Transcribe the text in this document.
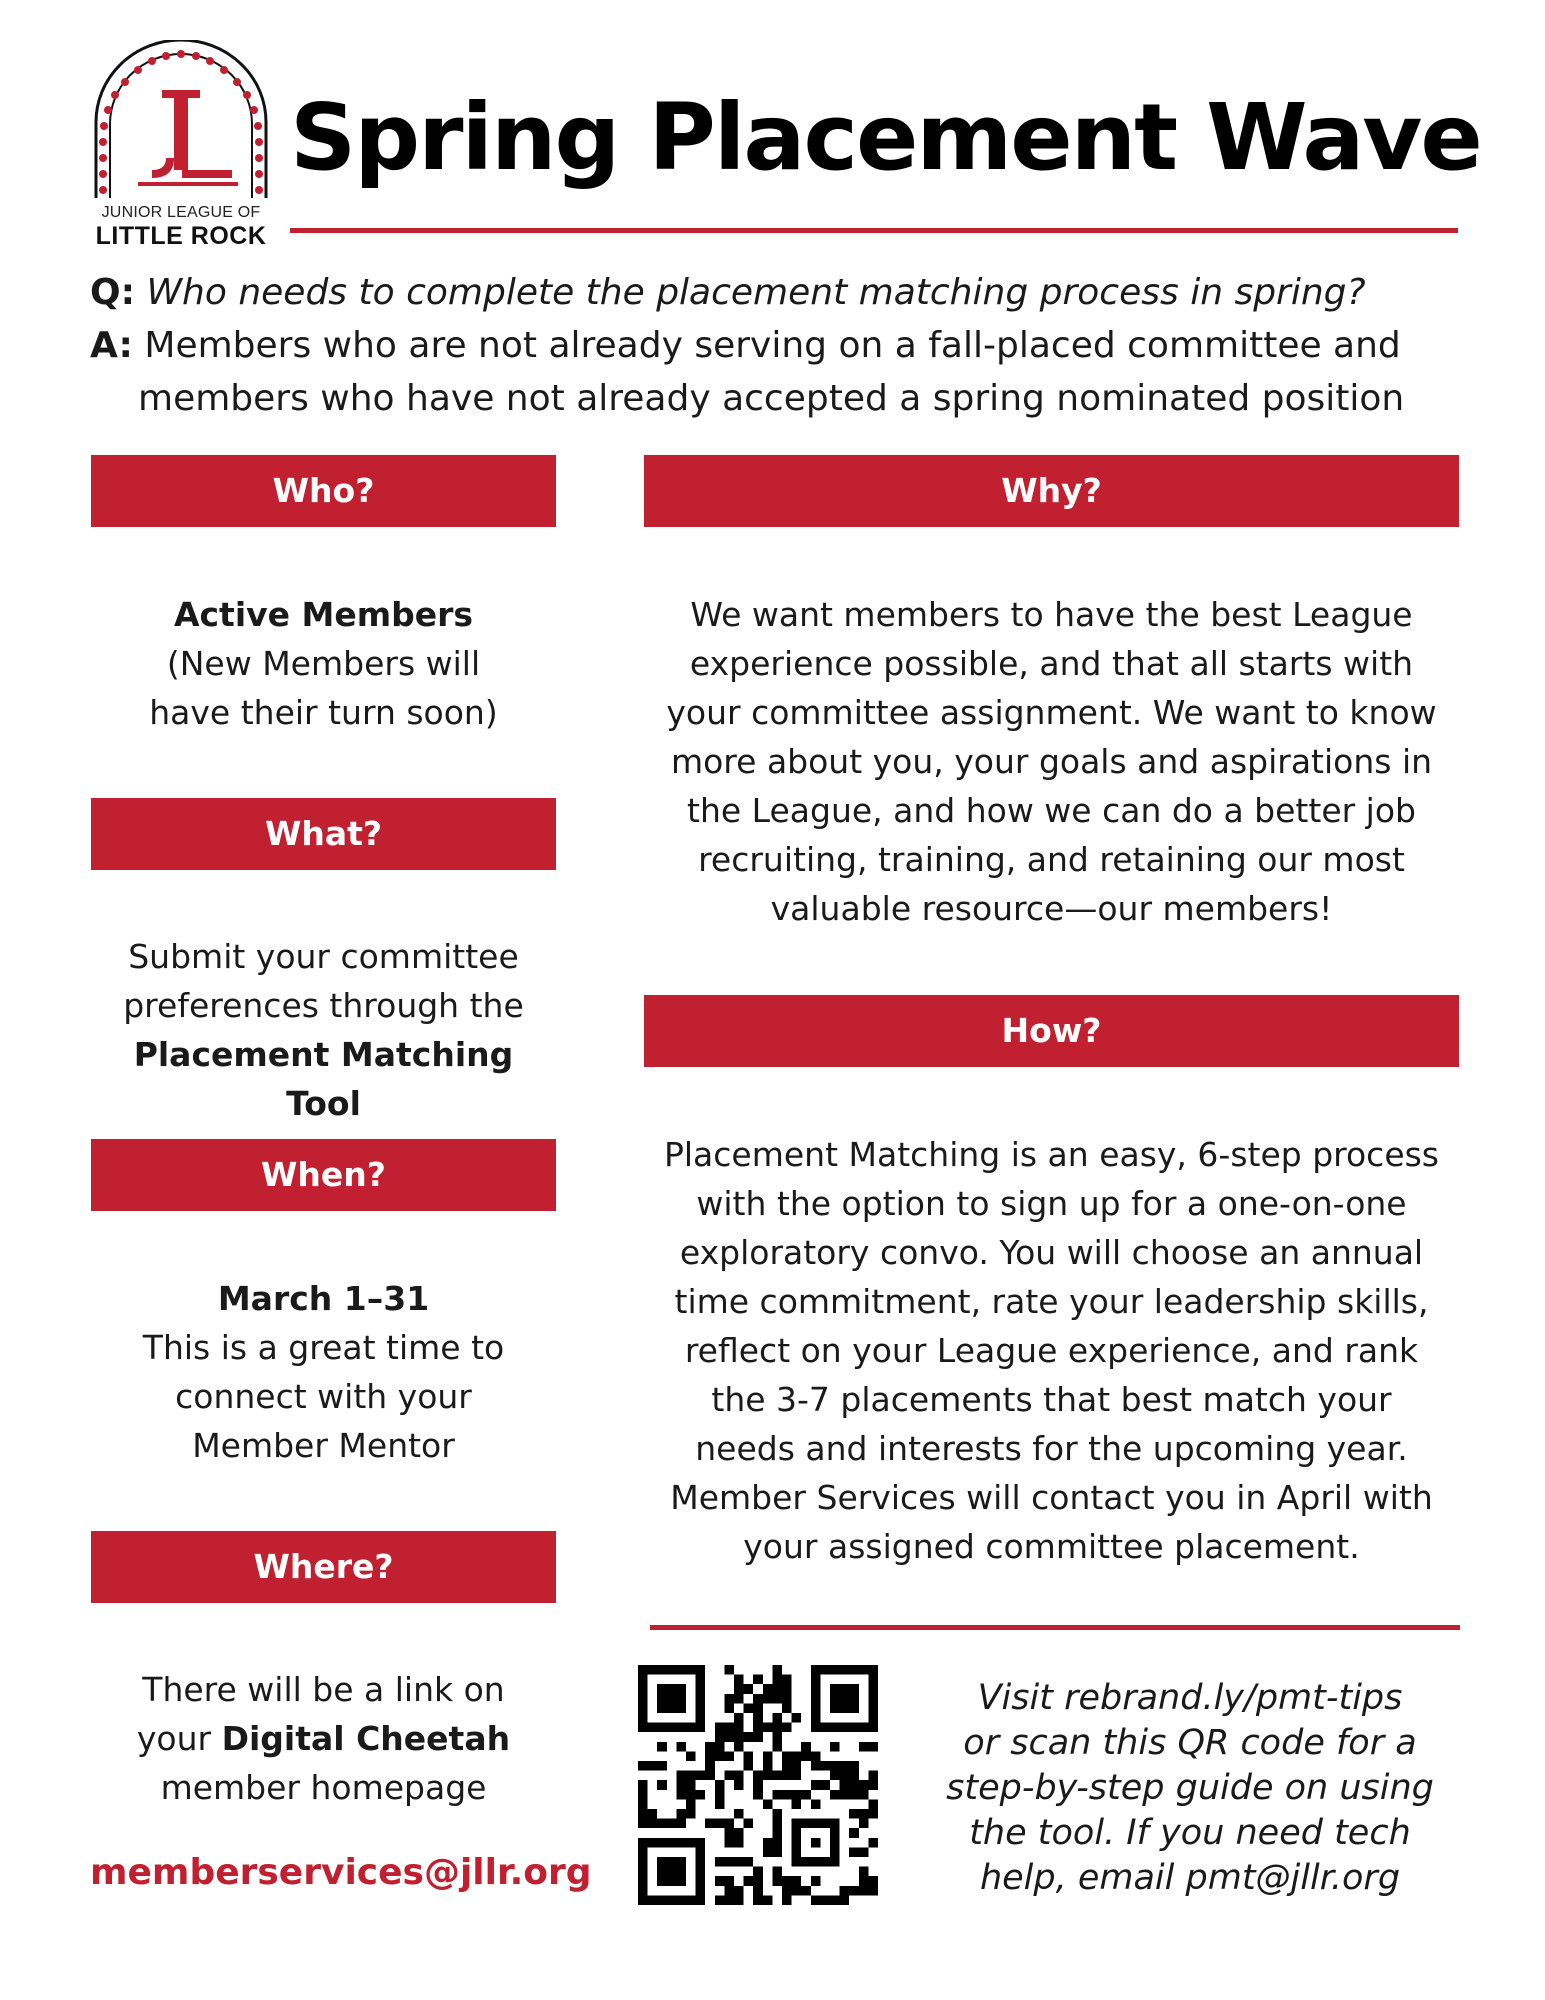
JUNIOR LEAGUE OF
LITTLE ROCK
Spring Placement Wave
Q: Who needs to complete the placement matching process in spring?
A: Members who are not already serving on a fall-placed committee and
members who have not already accepted a spring nominated position
Who?
Active Members
(New Members will
have their turn soon)
What?
Submit your committee
preferences through the
Placement Matching Tool
When?
March 1–31
This is a great time to
connect with your
Member Mentor
Where?
There will be a link on
your Digital Cheetah
member homepage
memberservices@jllr.org
Why?
We want members to have the best League
experience possible, and that all starts with
your committee assignment. We want to know
more about you, your goals and aspirations in
the League, and how we can do a better job
recruiting, training, and retaining our most
valuable resource—our members!
How?
Placement Matching is an easy, 6-step process
with the option to sign up for a one-on-one
exploratory convo. You will choose an annual
time commitment, rate your leadership skills,
reflect on your League experience, and rank
the 3-7 placements that best match your
needs and interests for the upcoming year.
Member Services will contact you in April with
your assigned committee placement.
Visit rebrand.ly/pmt-tips
or scan this QR code for a
step-by-step guide on using
the tool. If you need tech
help, email pmt@jllr.org
